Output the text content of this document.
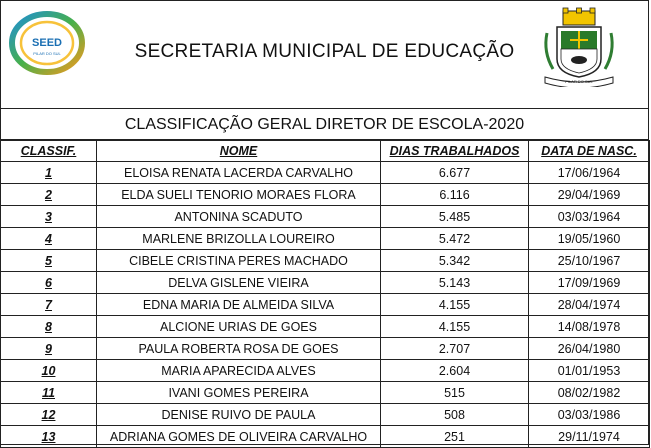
SEED
PILAR DO SUL	SECRETARIA MUNICIPAL DE EDUCAÇÃO
PILAR DO SUL
CLASSIFICAÇÃO GERAL DIRETOR DE ESCOLA-2020
CLASSIF.	NOME	DIAS TRABALHADOS	DATA DE NASC.
1	ELOISA RENATA LACERDA CARVALHO	6.677	17/06/1964
2	ELDA SUELI TENORIO MORAES FLORA	6.116	29/04/1969
3	ANTONINA SCADUTO	5.485	03/03/1964
4	MARLENE BRIZOLLA LOUREIRO	5.472	19/05/1960
5	CIBELE CRISTINA PERES MACHADO	5.342	25/10/1967
6	DELVA GISLENE VIEIRA	5.143	17/09/1969
7	EDNA MARIA DE ALMEIDA SILVA	4.155	28/04/1974
8	ALCIONE URIAS DE GOES	4.155	14/08/1978
9	PAULA ROBERTA ROSA DE GOES	2.707	26/04/1980
10	MARIA APARECIDA ALVES	2.604	01/01/1953
11	IVANI GOMES PEREIRA	515	08/02/1982
12	DENISE RUIVO DE PAULA	508	03/03/1986
13	ADRIANA GOMES DE OLIVEIRA CARVALHO	251	29/11/1974
